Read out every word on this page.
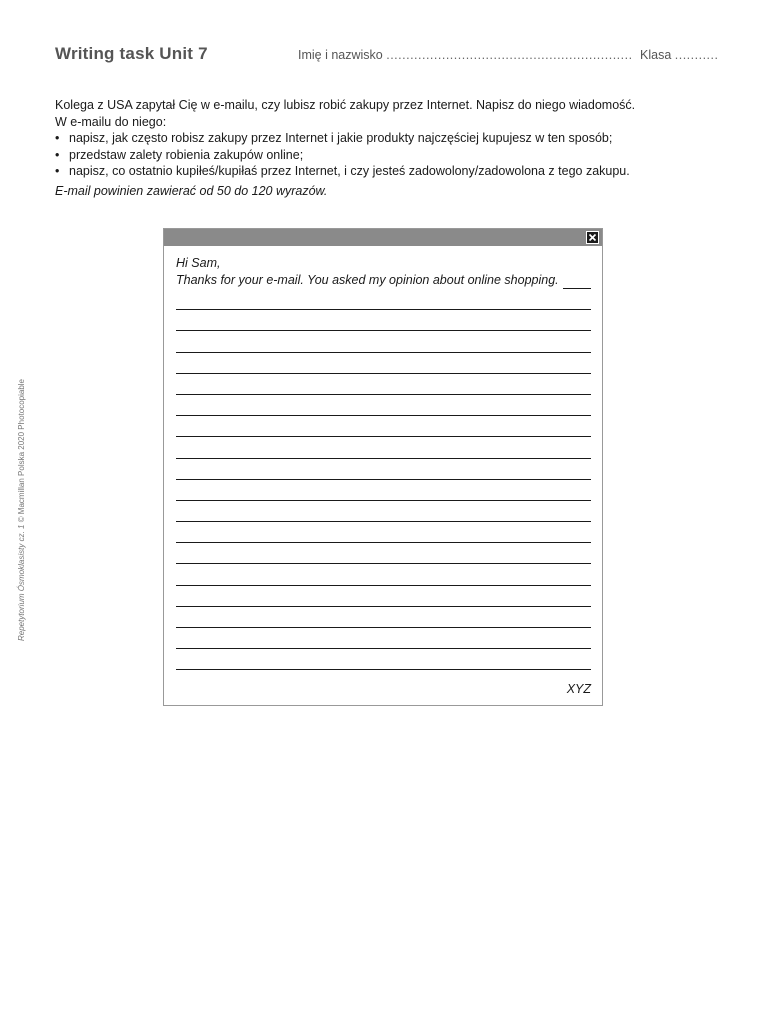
Writing task Unit 7	Imię i nazwisko .............................................................. Klasa ...........

Kolega z USA zapytał Cię w e-mailu, czy lubisz robić zakupy przez Internet. Napisz do niego wiadomość.

W e-mailu do niego:

• napisz, jak często robisz zakupy przez Internet i jakie produkty najczęściej kupujesz w ten sposób;
• przedstaw zalety robienia zakupów online;
• napisz, co ostatnio kupiłeś/kupiłaś przez Internet, i czy jesteś zadowolony/zadowolona z tego zakupu.

E-mail powinien zawierać od 50 do 120 wyrazów.

Hi Sam,
Thanks for your e-mail. You asked my opinion about online shopping.
XYZ
Repetytorium Ósmoklasisty cz. 1 © Macmillan Polska 2020 Photocopiable
